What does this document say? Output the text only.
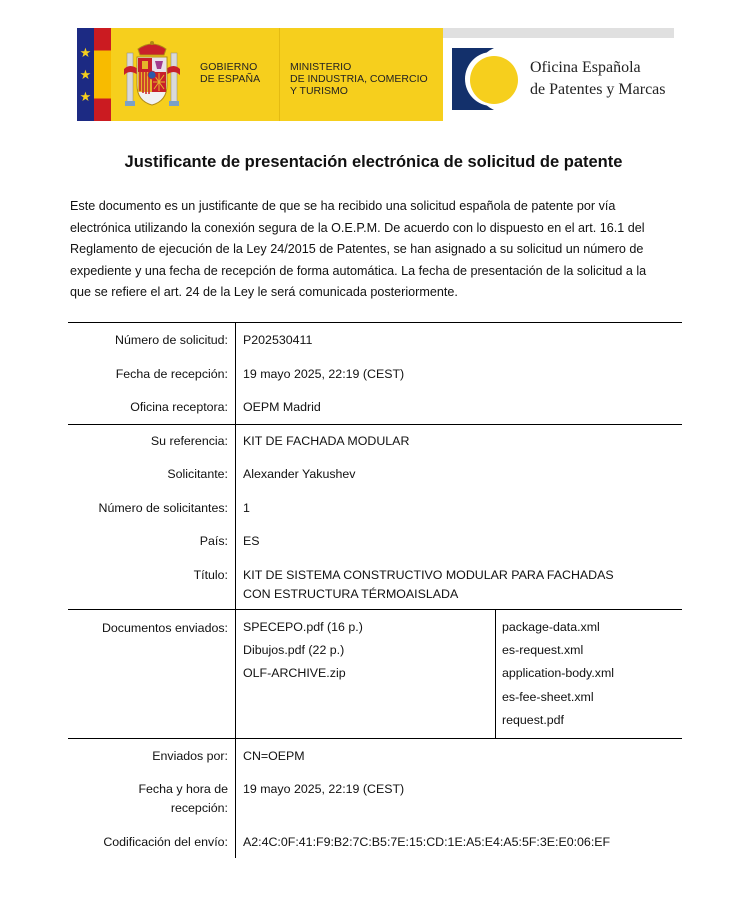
★
★
★
GOBIERNO
DE ESPAÑA
MINISTERIO
DE INDUSTRIA, COMERCIO
Y TURISMO
Oficina Española
de Patentes y Marcas
Justificante de presentación electrónica de solicitud de patente
Este documento es un justificante de que se ha recibido una solicitud española de patente por vía
electrónica utilizando la conexión segura de la O.E.P.M. De acuerdo con lo dispuesto en el art. 16.1 del
Reglamento de ejecución de la Ley 24/2015 de Patentes, se han asignado a su solicitud un número de
expediente y una fecha de recepción de forma automática. La fecha de presentación de la solicitud a la
que se refiere el art. 24 de la Ley le será comunicada posteriormente.
Número de solicitud: P202530411
Fecha de recepción: 19 mayo 2025, 22:19 (CEST)
Oficina receptora: OEPM Madrid
Su referencia: KIT DE FACHADA MODULAR
Solicitante: Alexander Yakushev
Número de solicitantes: 1
País: ES
Título: KIT DE SISTEMA CONSTRUCTIVO MODULAR PARA FACHADAS
CON ESTRUCTURA TÉRMOAISLADA
Documentos enviados: SPECEPO.pdf (16 p.)
Dibujos.pdf (22 p.)
OLF-ARCHIVE.zip
package-data.xml
es-request.xml
application-body.xml
es-fee-sheet.xml
request.pdf
Enviados por: CN=OEPM
Fecha y hora de
recepción:
19 mayo 2025, 22:19 (CEST)
Codificación del envío: A2:4C:0F:41:F9:B2:7C:B5:7E:15:CD:1E:A5:E4:A5:5F:3E:E0:06:EF
